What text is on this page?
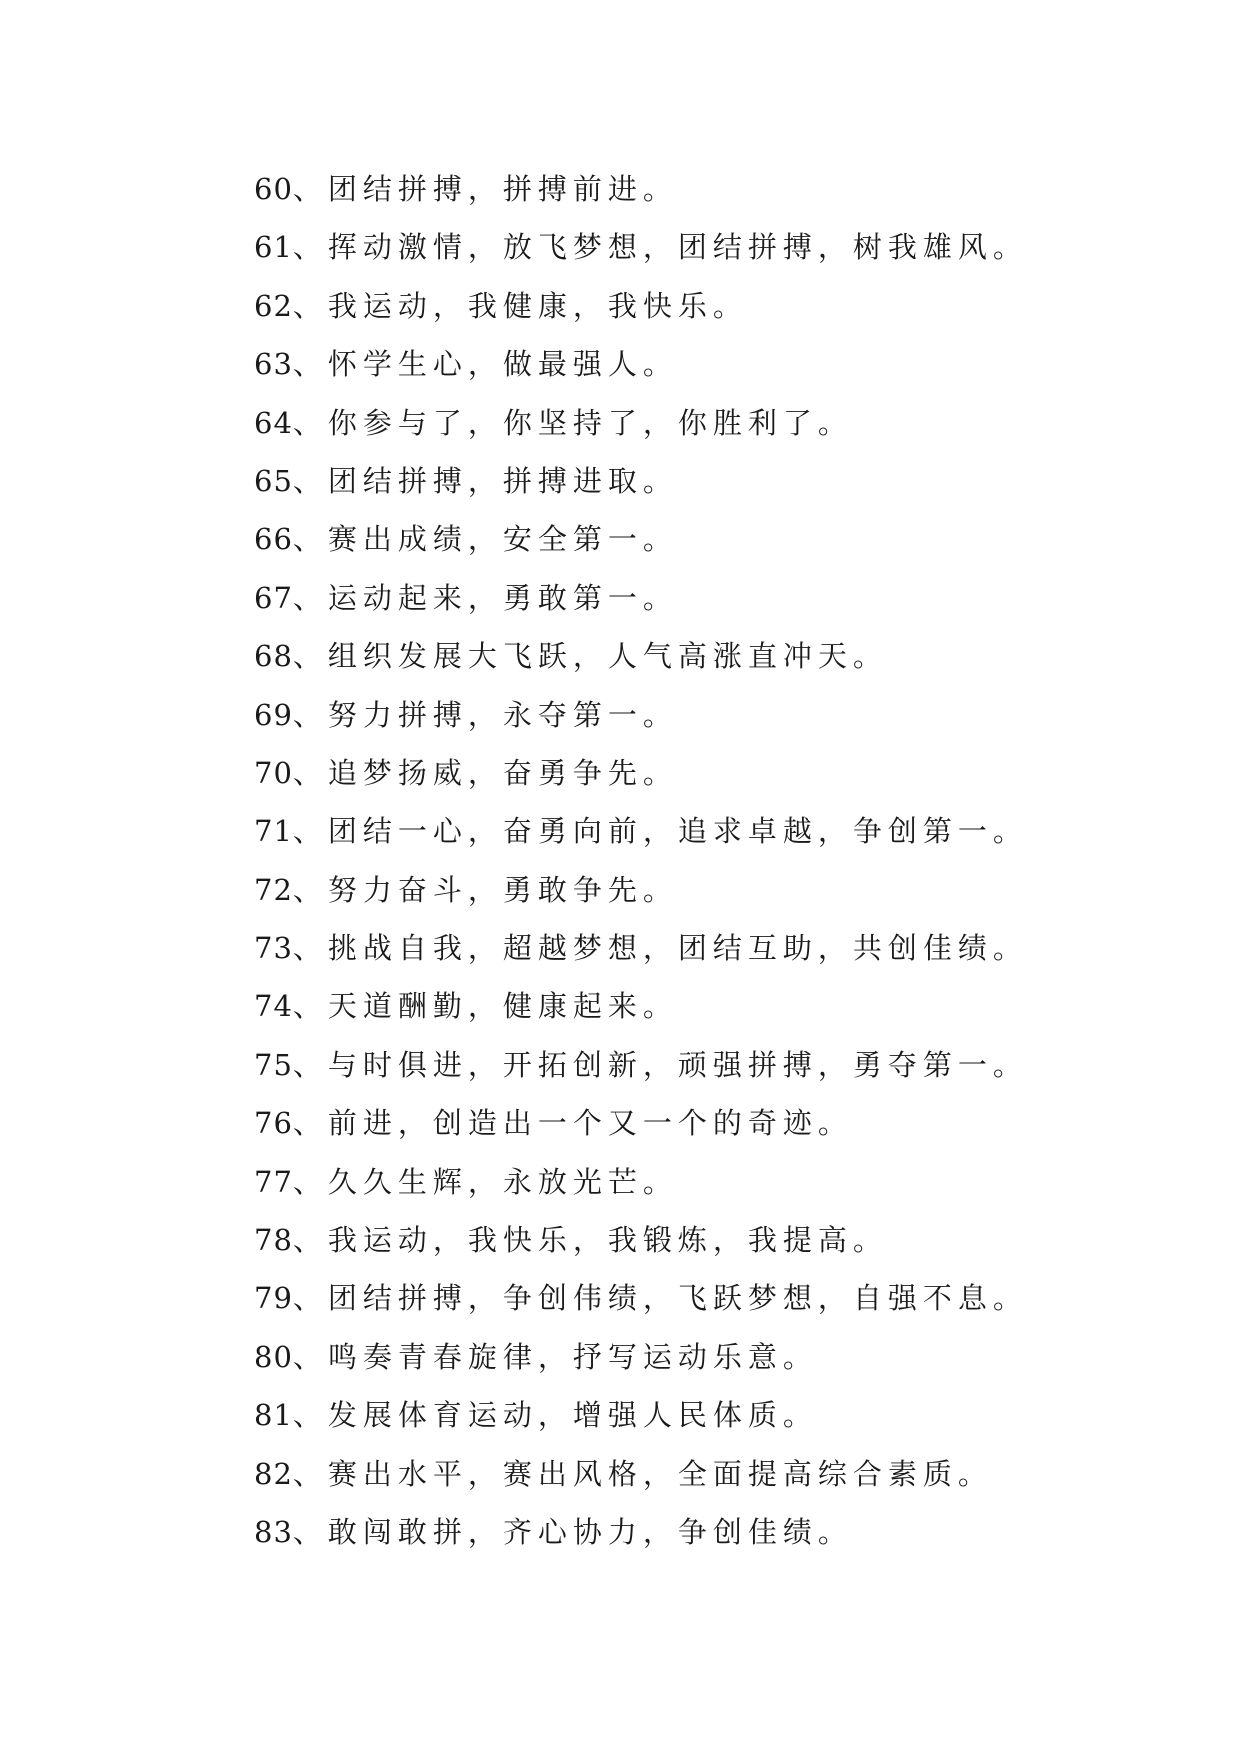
60、团结拼搏，拼搏前进。
61、挥动激情，放飞梦想，团结拼搏，树我雄风。
62、我运动，我健康，我快乐。
63、怀学生心，做最强人。
64、你参与了，你坚持了，你胜利了。
65、团结拼搏，拼搏进取。
66、赛出成绩，安全第一。
67、运动起来，勇敢第一。
68、组织发展大飞跃，人气高涨直冲天。
69、努力拼搏，永夺第一。
70、追梦扬威，奋勇争先。
71、团结一心，奋勇向前，追求卓越，争创第一。
72、努力奋斗，勇敢争先。
73、挑战自我，超越梦想，团结互助，共创佳绩。
74、天道酬勤，健康起来。
75、与时俱进，开拓创新，顽强拼搏，勇夺第一。
76、前进，创造出一个又一个的奇迹。
77、久久生辉，永放光芒。
78、我运动，我快乐，我锻炼，我提高。
79、团结拼搏，争创伟绩，飞跃梦想，自强不息。
80、鸣奏青春旋律，抒写运动乐意。
81、发展体育运动，增强人民体质。
82、赛出水平，赛出风格，全面提高综合素质。
83、敢闯敢拼，齐心协力，争创佳绩。
